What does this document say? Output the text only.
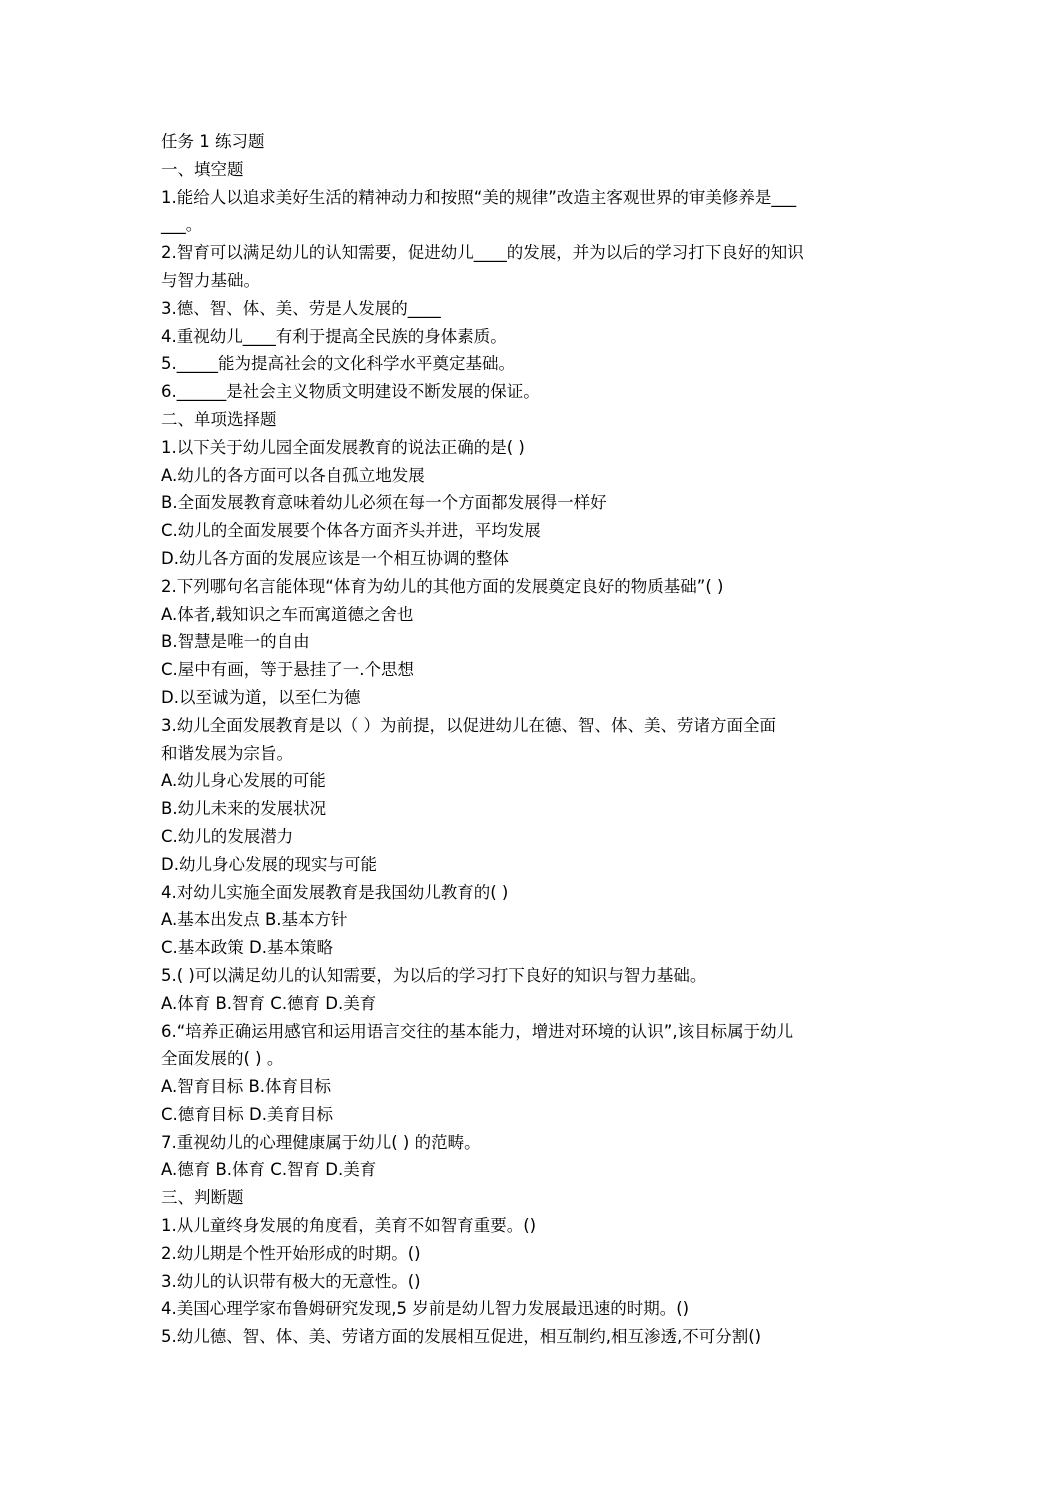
任务 1 练习题
一、填空题
1.能给人以追求美好生活的精神动力和按照“美的规律”改造主客观世界的审美修养是___
___。
2.智育可以满足幼儿的认知需要，促进幼儿____的发展，并为以后的学习打下良好的知识
与智力基础。
3.德、智、体、美、劳是人发展的____
4.重视幼儿____有利于提高全民族的身体素质。
5._____能为提高社会的文化科学水平奠定基础。
6.______是社会主义物质文明建设不断发展的保证。
二、单项选择题
1.以下关于幼儿园全面发展教育的说法正确的是( )
A.幼儿的各方面可以各自孤立地发展
B.全面发展教育意味着幼儿必须在每一个方面都发展得一样好
C.幼儿的全面发展要个体各方面齐头并进，平均发展
D.幼儿各方面的发展应该是一个相互协调的整体
2.下列哪句名言能体现“体育为幼儿的其他方面的发展奠定良好的物质基础”( )
A.体者,载知识之车而寓道德之舍也
B.智慧是唯一的自由
C.屋中有画，等于悬挂了一.个思想
D.以至诚为道，以至仁为德
3.幼儿全面发展教育是以（ ）为前提，以促进幼儿在德、智、体、美、劳诸方面全面
和谐发展为宗旨。
A.幼儿身心发展的可能
B.幼儿未来的发展状况
C.幼儿的发展潜力
D.幼儿身心发展的现实与可能
4.对幼儿实施全面发展教育是我国幼儿教育的( )
A.基本出发点 B.基本方针
C.基本政策 D.基本策略
5.( )可以满足幼儿的认知需要，为以后的学习打下良好的知识与智力基础。
A.体育 B.智育 C.德育 D.美育
6.“培养正确运用感官和运用语言交往的基本能力，增进对环境的认识”,该目标属于幼儿
全面发展的( ) 。
A.智育目标 B.体育目标
C.德育目标 D.美育目标
7.重视幼儿的心理健康属于幼儿( ) 的范畴。
A.德育 B.体育 C.智育 D.美育
三、判断题
1.从儿童终身发展的角度看，美育不如智育重要。()
2.幼儿期是个性开始形成的时期。()
3.幼儿的认识带有极大的无意性。()
4.美国心理学家布鲁姆研究发现,5 岁前是幼儿智力发展最迅速的时期。()
5.幼儿德、智、体、美、劳诸方面的发展相互促进，相互制约,相互渗透,不可分割()
